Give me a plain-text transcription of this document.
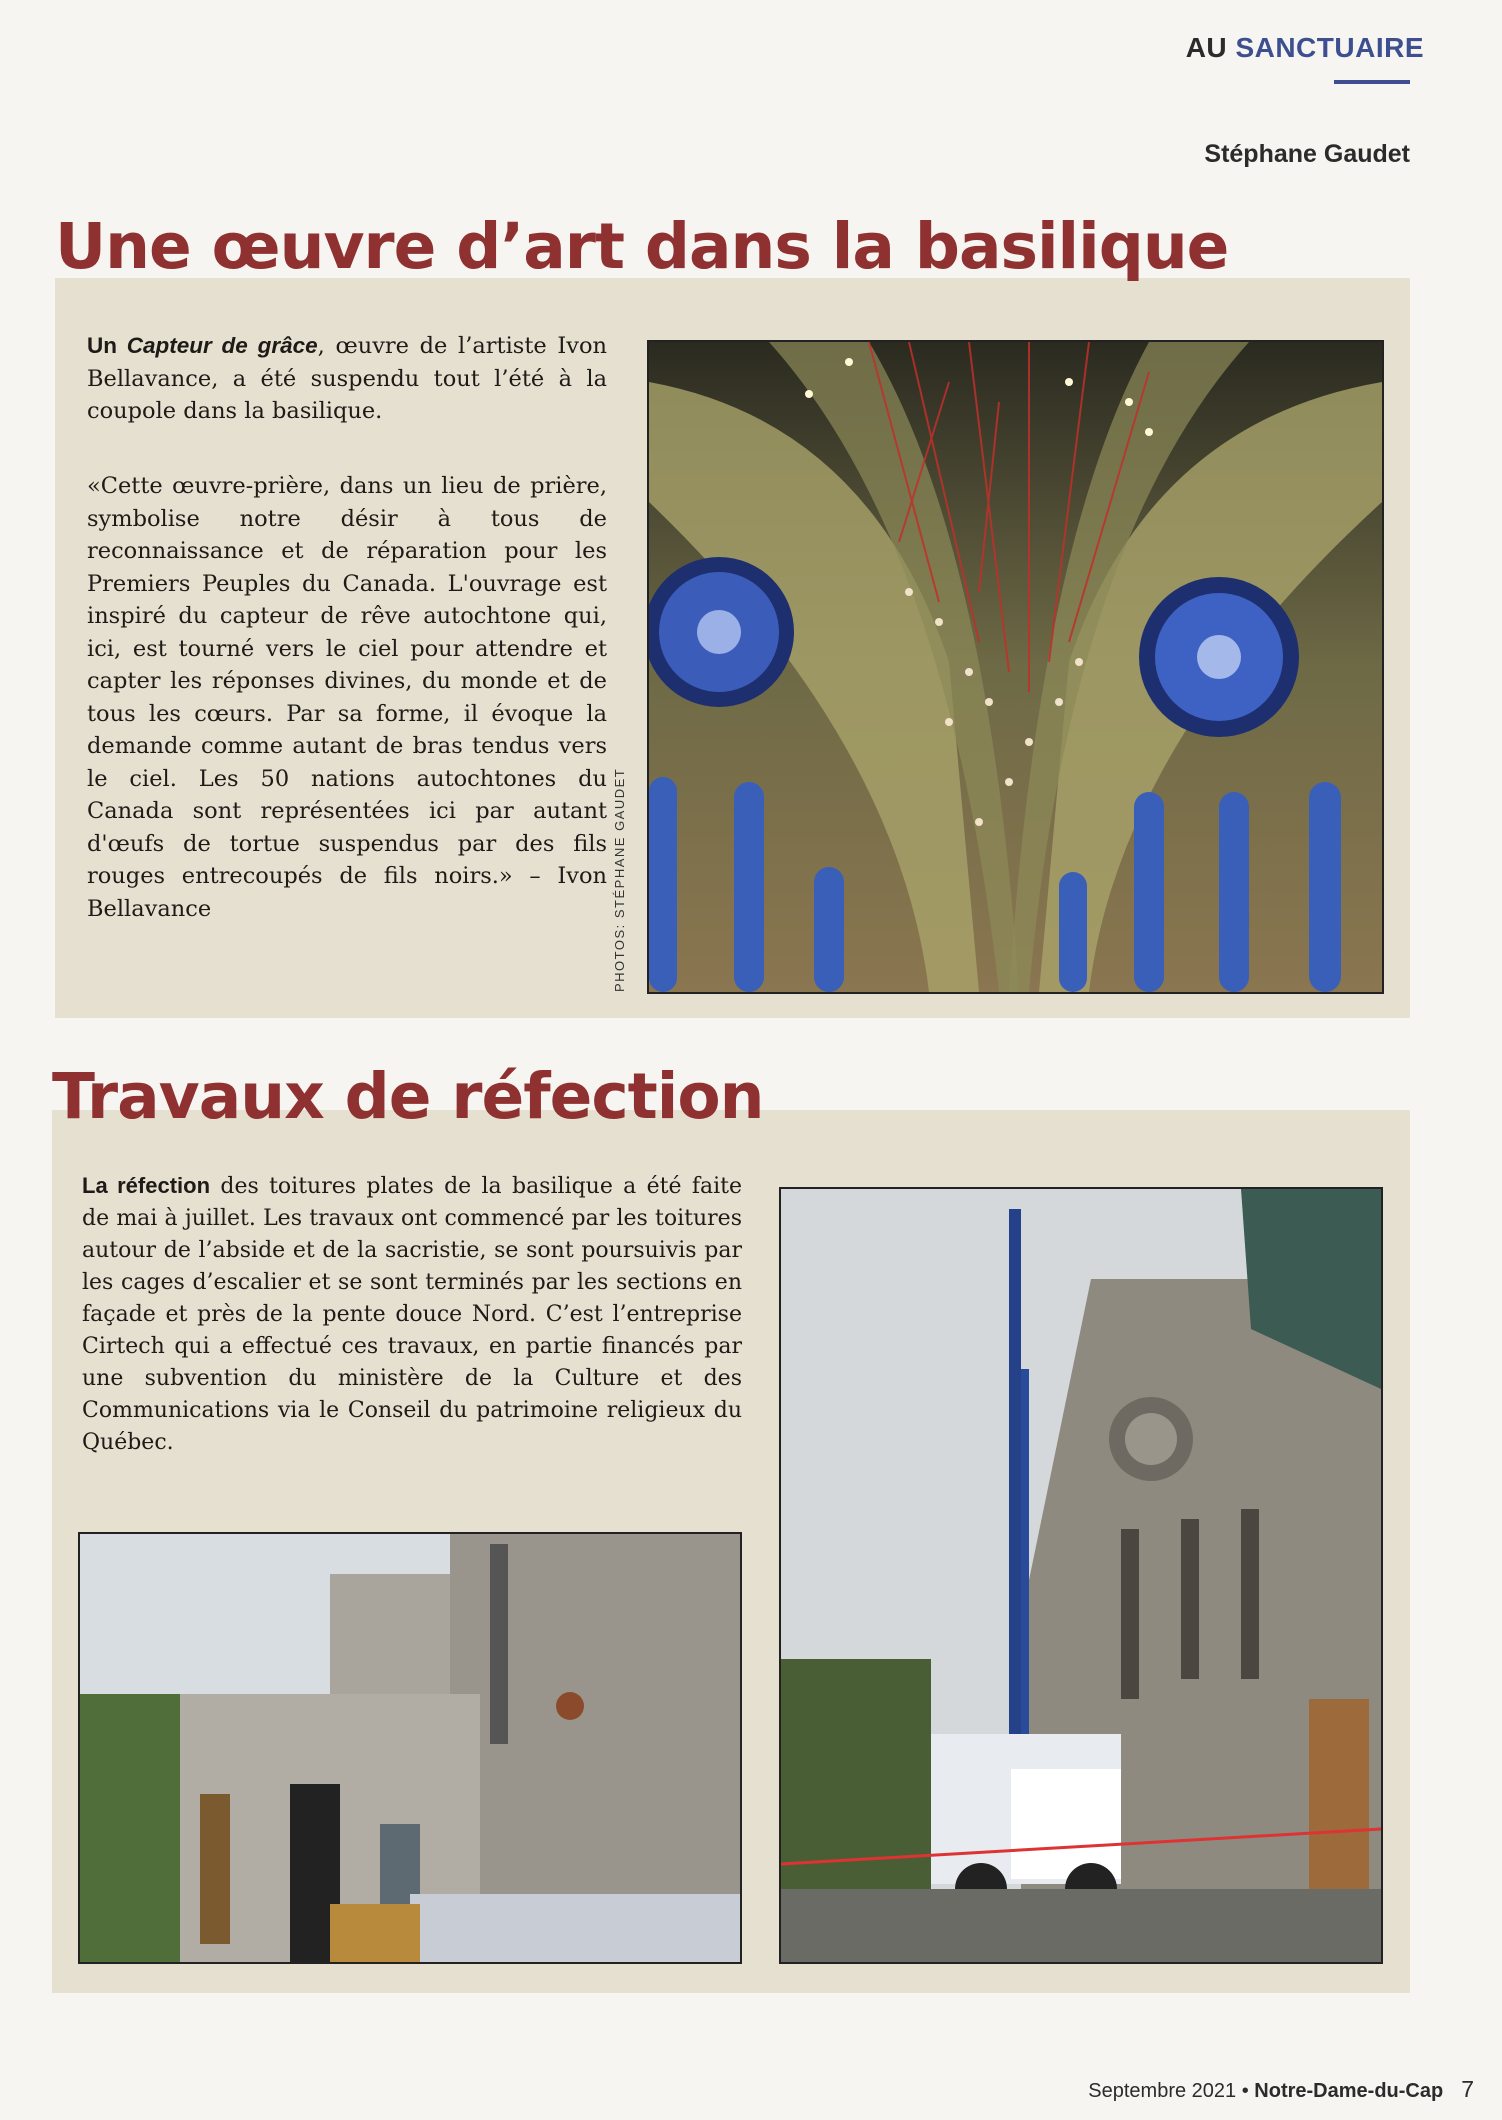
AU SANCTUAIRE
Stéphane Gaudet
Une œuvre d’art dans la basilique

Un Capteur de grâce, œuvre de l’artiste Ivon Bellavance, a été suspendu tout l’été à la coupole dans la basilique.

«Cette œuvre-prière, dans un lieu de prière, symbolise notre désir à tous de reconnaissance et de réparation pour les Premiers Peuples du Canada. L'ouvrage est inspiré du capteur de rêve autochtone qui, ici, est tourné vers le ciel pour attendre et capter les réponses divines, du monde et de tous les cœurs. Par sa forme, il évoque la demande comme autant de bras tendus vers le ciel. Les 50 nations autochtones du Canada sont représentées ici par autant d'œufs de tortue suspendus par des fils rouges entrecoupés de fils noirs.» – Ivon Bellavance	PHOTOS: STÉPHANE GAUDET
Travaux de réfection

La réfection des toitures plates de la basilique a été faite de mai à juillet. Les travaux ont commencé par les toitures autour de l’abside et de la sacristie, se sont poursuivis par les cages d’escalier et se sont terminés par les sections en façade et près de la pente douce Nord. C’est l’entreprise Cirtech qui a effectué ces travaux, en partie financés par une subvention du ministère de la Culture et des Communications via le Conseil du patrimoine religieux du Québec.

Septembre 2021 • Notre-Dame-du-Cap 7
